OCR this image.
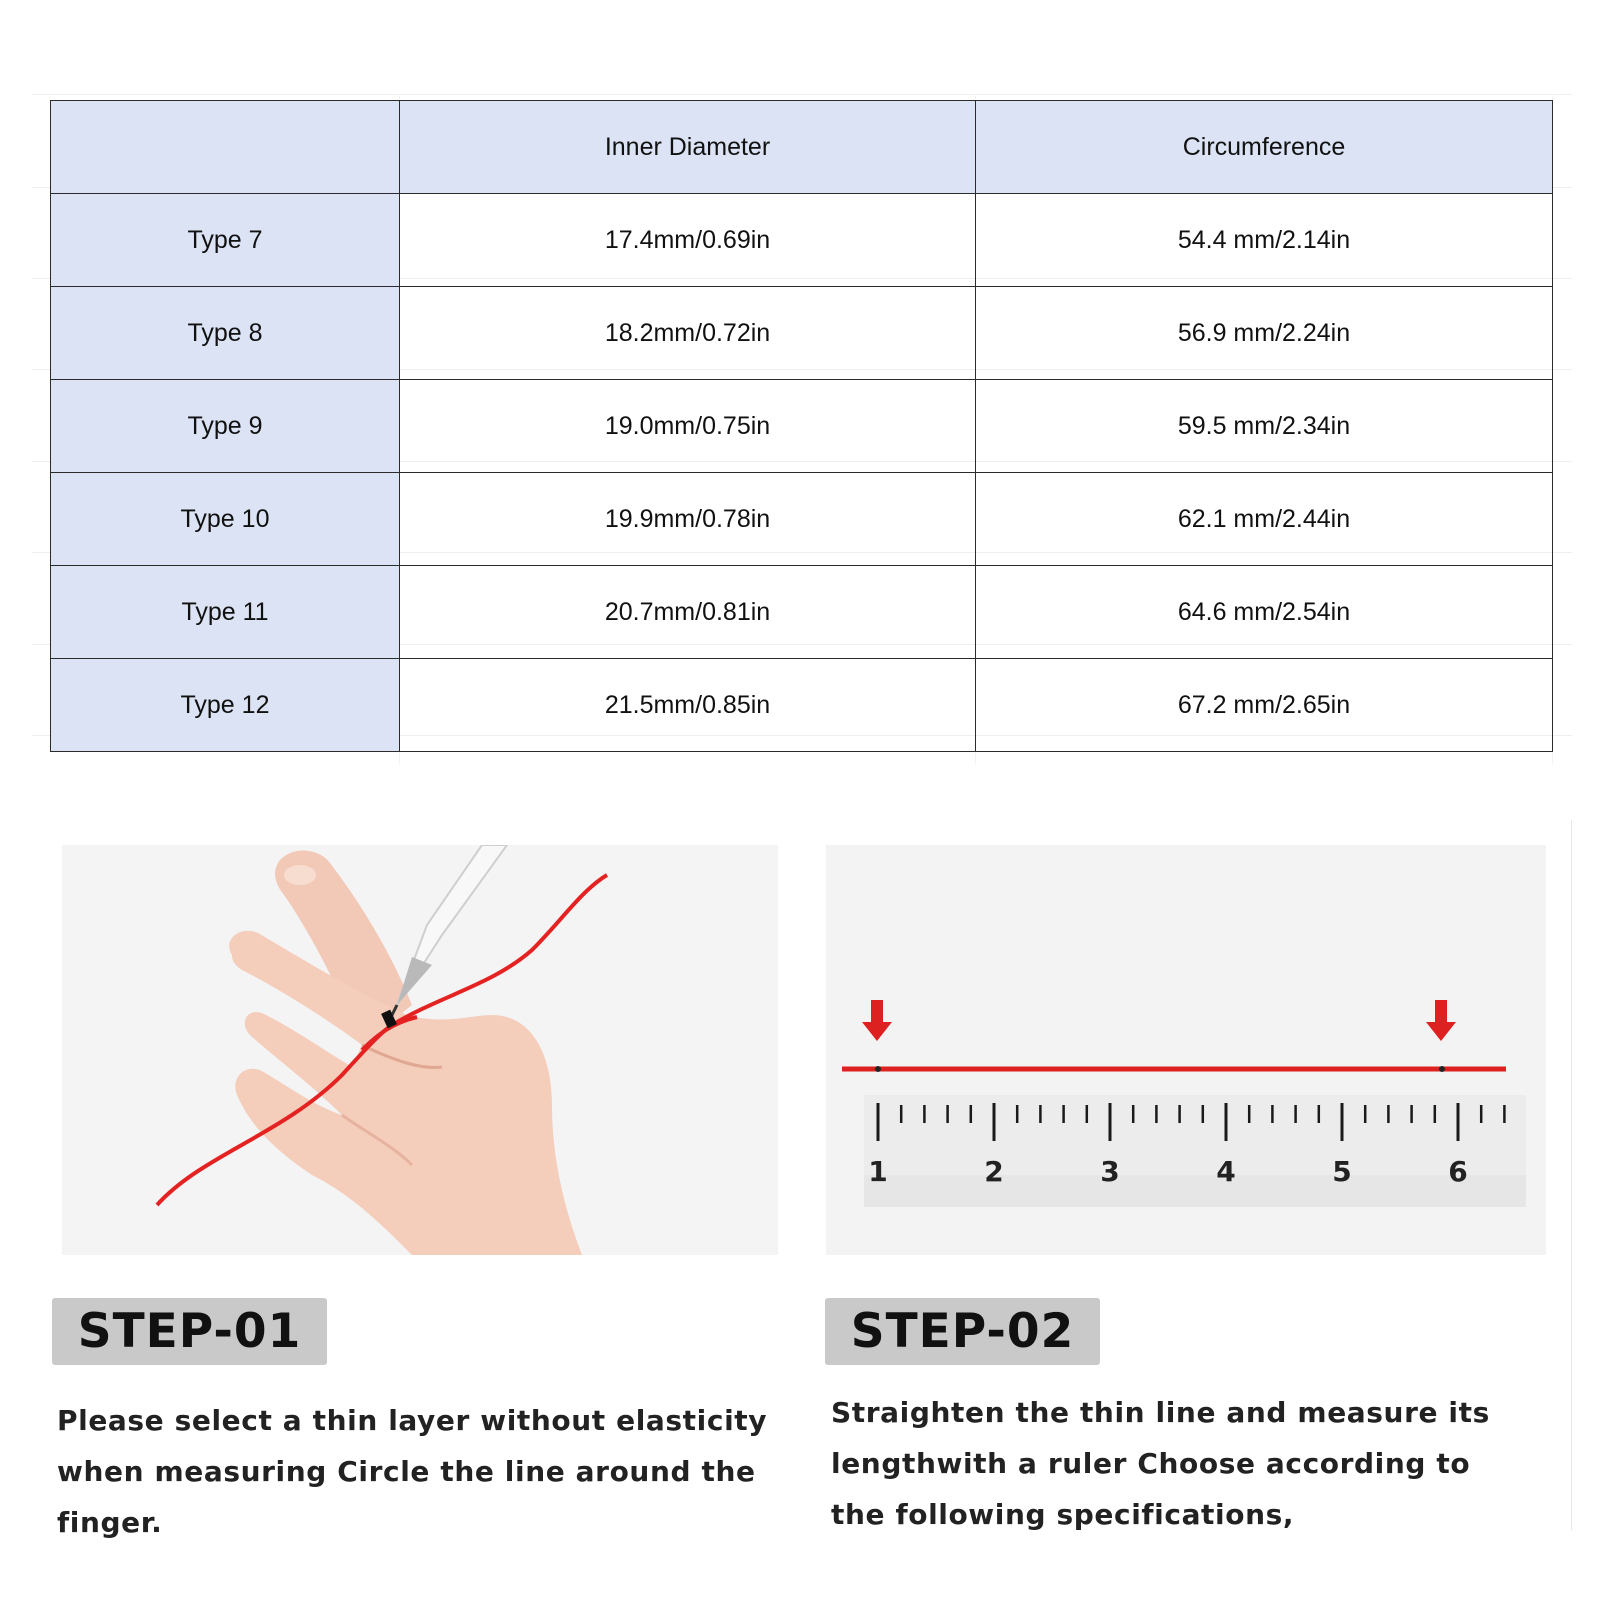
	Inner Diameter	Circumference
Type 7	17.4mm/0.69in	54.4 mm/2.14in
Type 8	18.2mm/0.72in	56.9 mm/2.24in
Type 9	19.0mm/0.75in	59.5 mm/2.34in
Type 10	19.9mm/0.78in	62.1 mm/2.44in
Type 11	20.7mm/0.81in	64.6 mm/2.54in
Type 12	21.5mm/0.85in	67.2 mm/2.65in
1	2	3	4	5	6
STEP-01
Please select a thin layer without elasticity when measuring Circle the line around the finger.
STEP-02
Straighten the thin line and measure its lengthwith a ruler Choose according to the following specifications,
